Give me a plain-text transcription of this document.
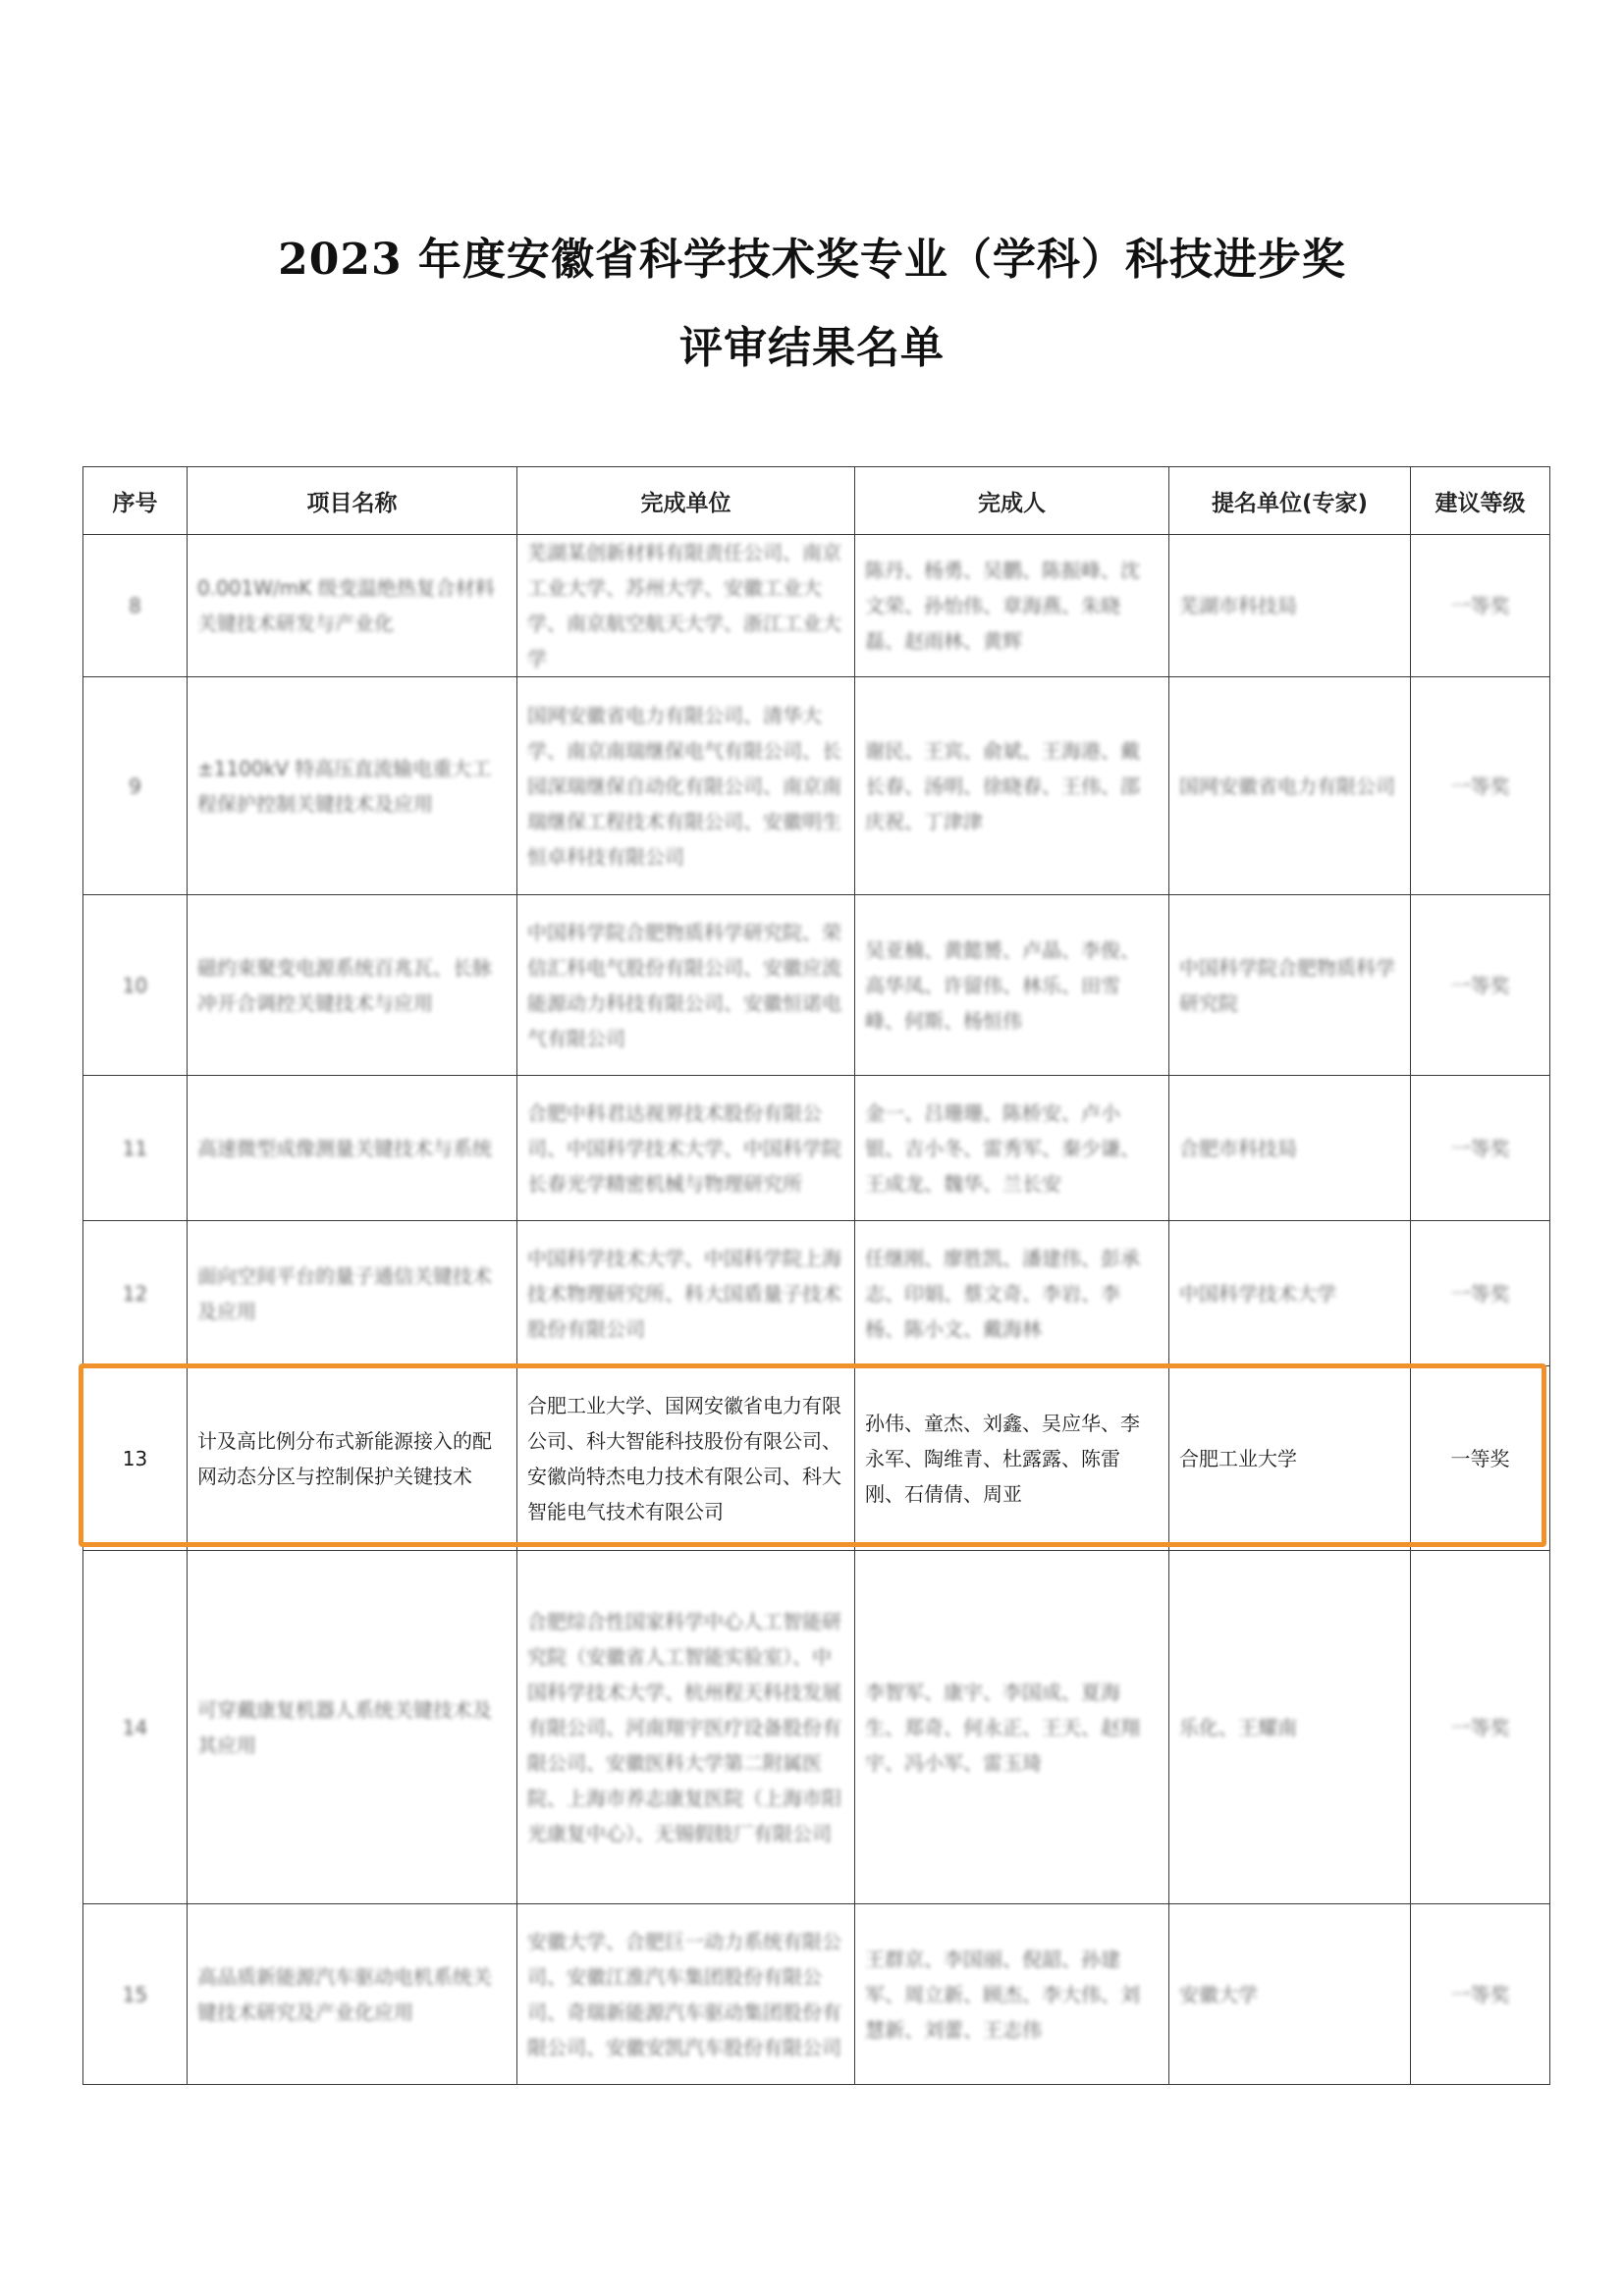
2023 年度安徽省科学技术奖专业（学科）科技进步奖
评审结果名单
序号	项目名称	完成单位	完成人	提名单位(专家)	建议等级

8	0.001W/mK 级变温绝热复合材料关键技术研发与产业化	芜湖某创新材料有限责任公司、南京工业大学、苏州大学、安徽工业大学、南京航空航天大学、浙江工业大学	陈丹、杨勇、吴鹏、陈振峰、沈文荣、孙怡伟、章海燕、朱晓磊、赵雨林、黄辉	芜湖市科技局	一等奖

9	±1100kV 特高压直流输电重大工程保护控制关键技术及应用	国网安徽省电力有限公司、清华大学、南京南瑞继保电气有限公司、长园深瑞继保自动化有限公司、南京南瑞继保工程技术有限公司、安徽明生恒卓科技有限公司	谢民、王宾、俞斌、王海港、戴长春、汤明、徐晓春、王伟、邵庆祝、丁津津	国网安徽省电力有限公司	一等奖

10	磁约束聚变电源系统百兆瓦、长脉冲开合调控关键技术与应用	中国科学院合肥物质科学研究院、荣信汇科电气股份有限公司、安徽应流能源动力科技有限公司、安徽恒诺电气有限公司	吴亚楠、黄懿赟、卢晶、李俊、高华凤、许留伟、林乐、田雪峰、何斯、杨恒伟	中国科学院合肥物质科学研究院	一等奖

11	高速微型成像测量关键技术与系统	合肥中科君达视界技术股份有限公司、中国科学技术大学、中国科学院长春光学精密机械与物理研究所	金一、吕珊珊、陈桥安、卢小银、吉小冬、雷秀军、秦少谦、王成龙、魏华、兰长安	合肥市科技局	一等奖

12	面向空间平台的量子通信关键技术及应用	中国科学技术大学、中国科学院上海技术物理研究所、科大国盾量子技术股份有限公司	任继刚、廖胜凯、潘建伟、彭承志、印娟、蔡文奇、李岩、李杨、陈小文、戴海林	中国科学技术大学	一等奖

13	计及高比例分布式新能源接入的配网动态分区与控制保护关键技术	合肥工业大学、国网安徽省电力有限公司、科大智能科技股份有限公司、安徽尚特杰电力技术有限公司、科大智能电气技术有限公司	孙伟、童杰、刘鑫、吴应华、李永军、陶维青、杜露露、陈雷刚、石倩倩、周亚	合肥工业大学	一等奖

14	可穿戴康复机器人系统关键技术及其应用	合肥综合性国家科学中心人工智能研究院（安徽省人工智能实验室）、中国科学技术大学、杭州程天科技发展有限公司、河南翔宇医疗设备股份有限公司、安徽医科大学第二附属医院、上海市养志康复医院（上海市阳光康复中心）、无锡假肢厂有限公司	李智军、康宇、李国成、夏海生、郑奇、何永正、王天、赵翔宇、冯小军、雷玉琦	乐化、王耀南	一等奖

15	高品质新能源汽车驱动电机系统关键技术研究及产业化应用	安徽大学、合肥巨一动力系统有限公司、安徽江淮汽车集团股份有限公司、奇瑞新能源汽车驱动集团股份有限公司、安徽安凯汽车股份有限公司	王群京、李国丽、倪韶、孙建军、周立新、顾杰、李大伟、刘慧新、刘蕾、王志伟	安徽大学	一等奖
